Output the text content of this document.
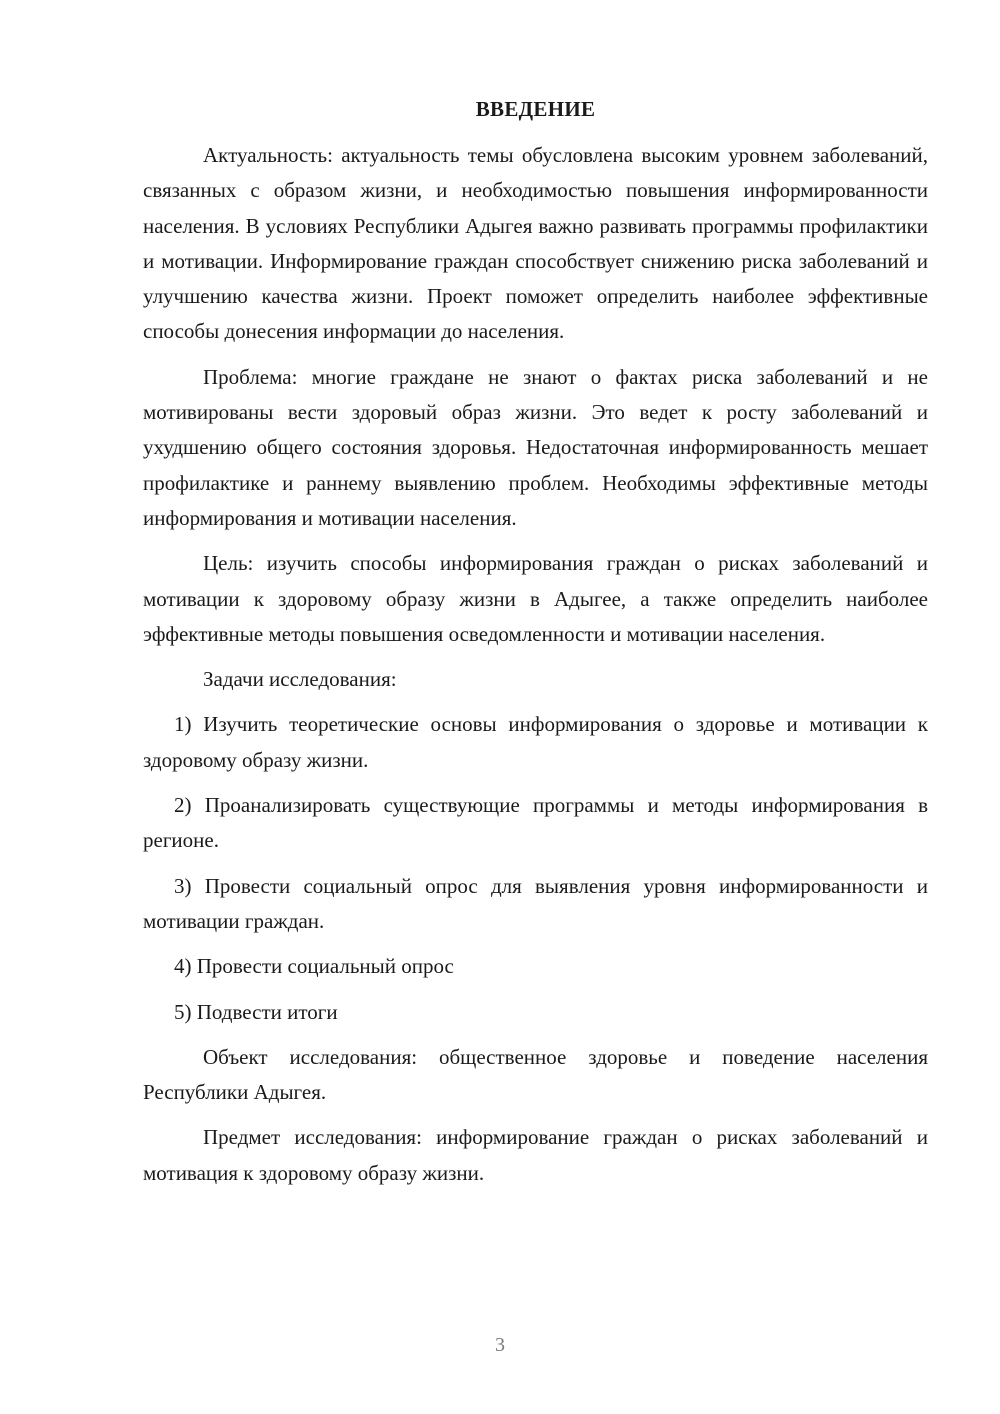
ВВЕДЕНИЕ

Актуальность: актуальность темы обусловлена высоким уровнем заболеваний, связанных с образом жизни, и необходимостью повышения информированности населения. В условиях Республики Адыгея важно развивать программы профилактики и мотивации. Информирование граждан способствует снижению риска заболеваний и улучшению качества жизни. Проект поможет определить наиболее эффективные способы донесения информации до населения.

Проблема: многие граждане не знают о фактах риска заболеваний и не мотивированы вести здоровый образ жизни. Это ведет к росту заболеваний и ухудшению общего состояния здоровья. Недостаточная информированность мешает профилактике и раннему выявлению проблем. Необходимы эффективные методы информирования и мотивации населения.

Цель: изучить способы информирования граждан о рисках заболеваний и мотивации к здоровому образу жизни в Адыгее, а также определить наиболее эффективные методы повышения осведомленности и мотивации населения.

Задачи исследования:

1) Изучить теоретические основы информирования о здоровье и мотивации к здоровому образу жизни.

2) Проанализировать существующие программы и методы информирования в регионе.

3) Провести социальный опрос для выявления уровня информированности и мотивации граждан.

4) Провести социальный опрос

5) Подвести итоги

Объект исследования: общественное здоровье и поведение населения Республики Адыгея.

Предмет исследования: информирование граждан о рисках заболеваний и мотивация к здоровому образу жизни.

3
